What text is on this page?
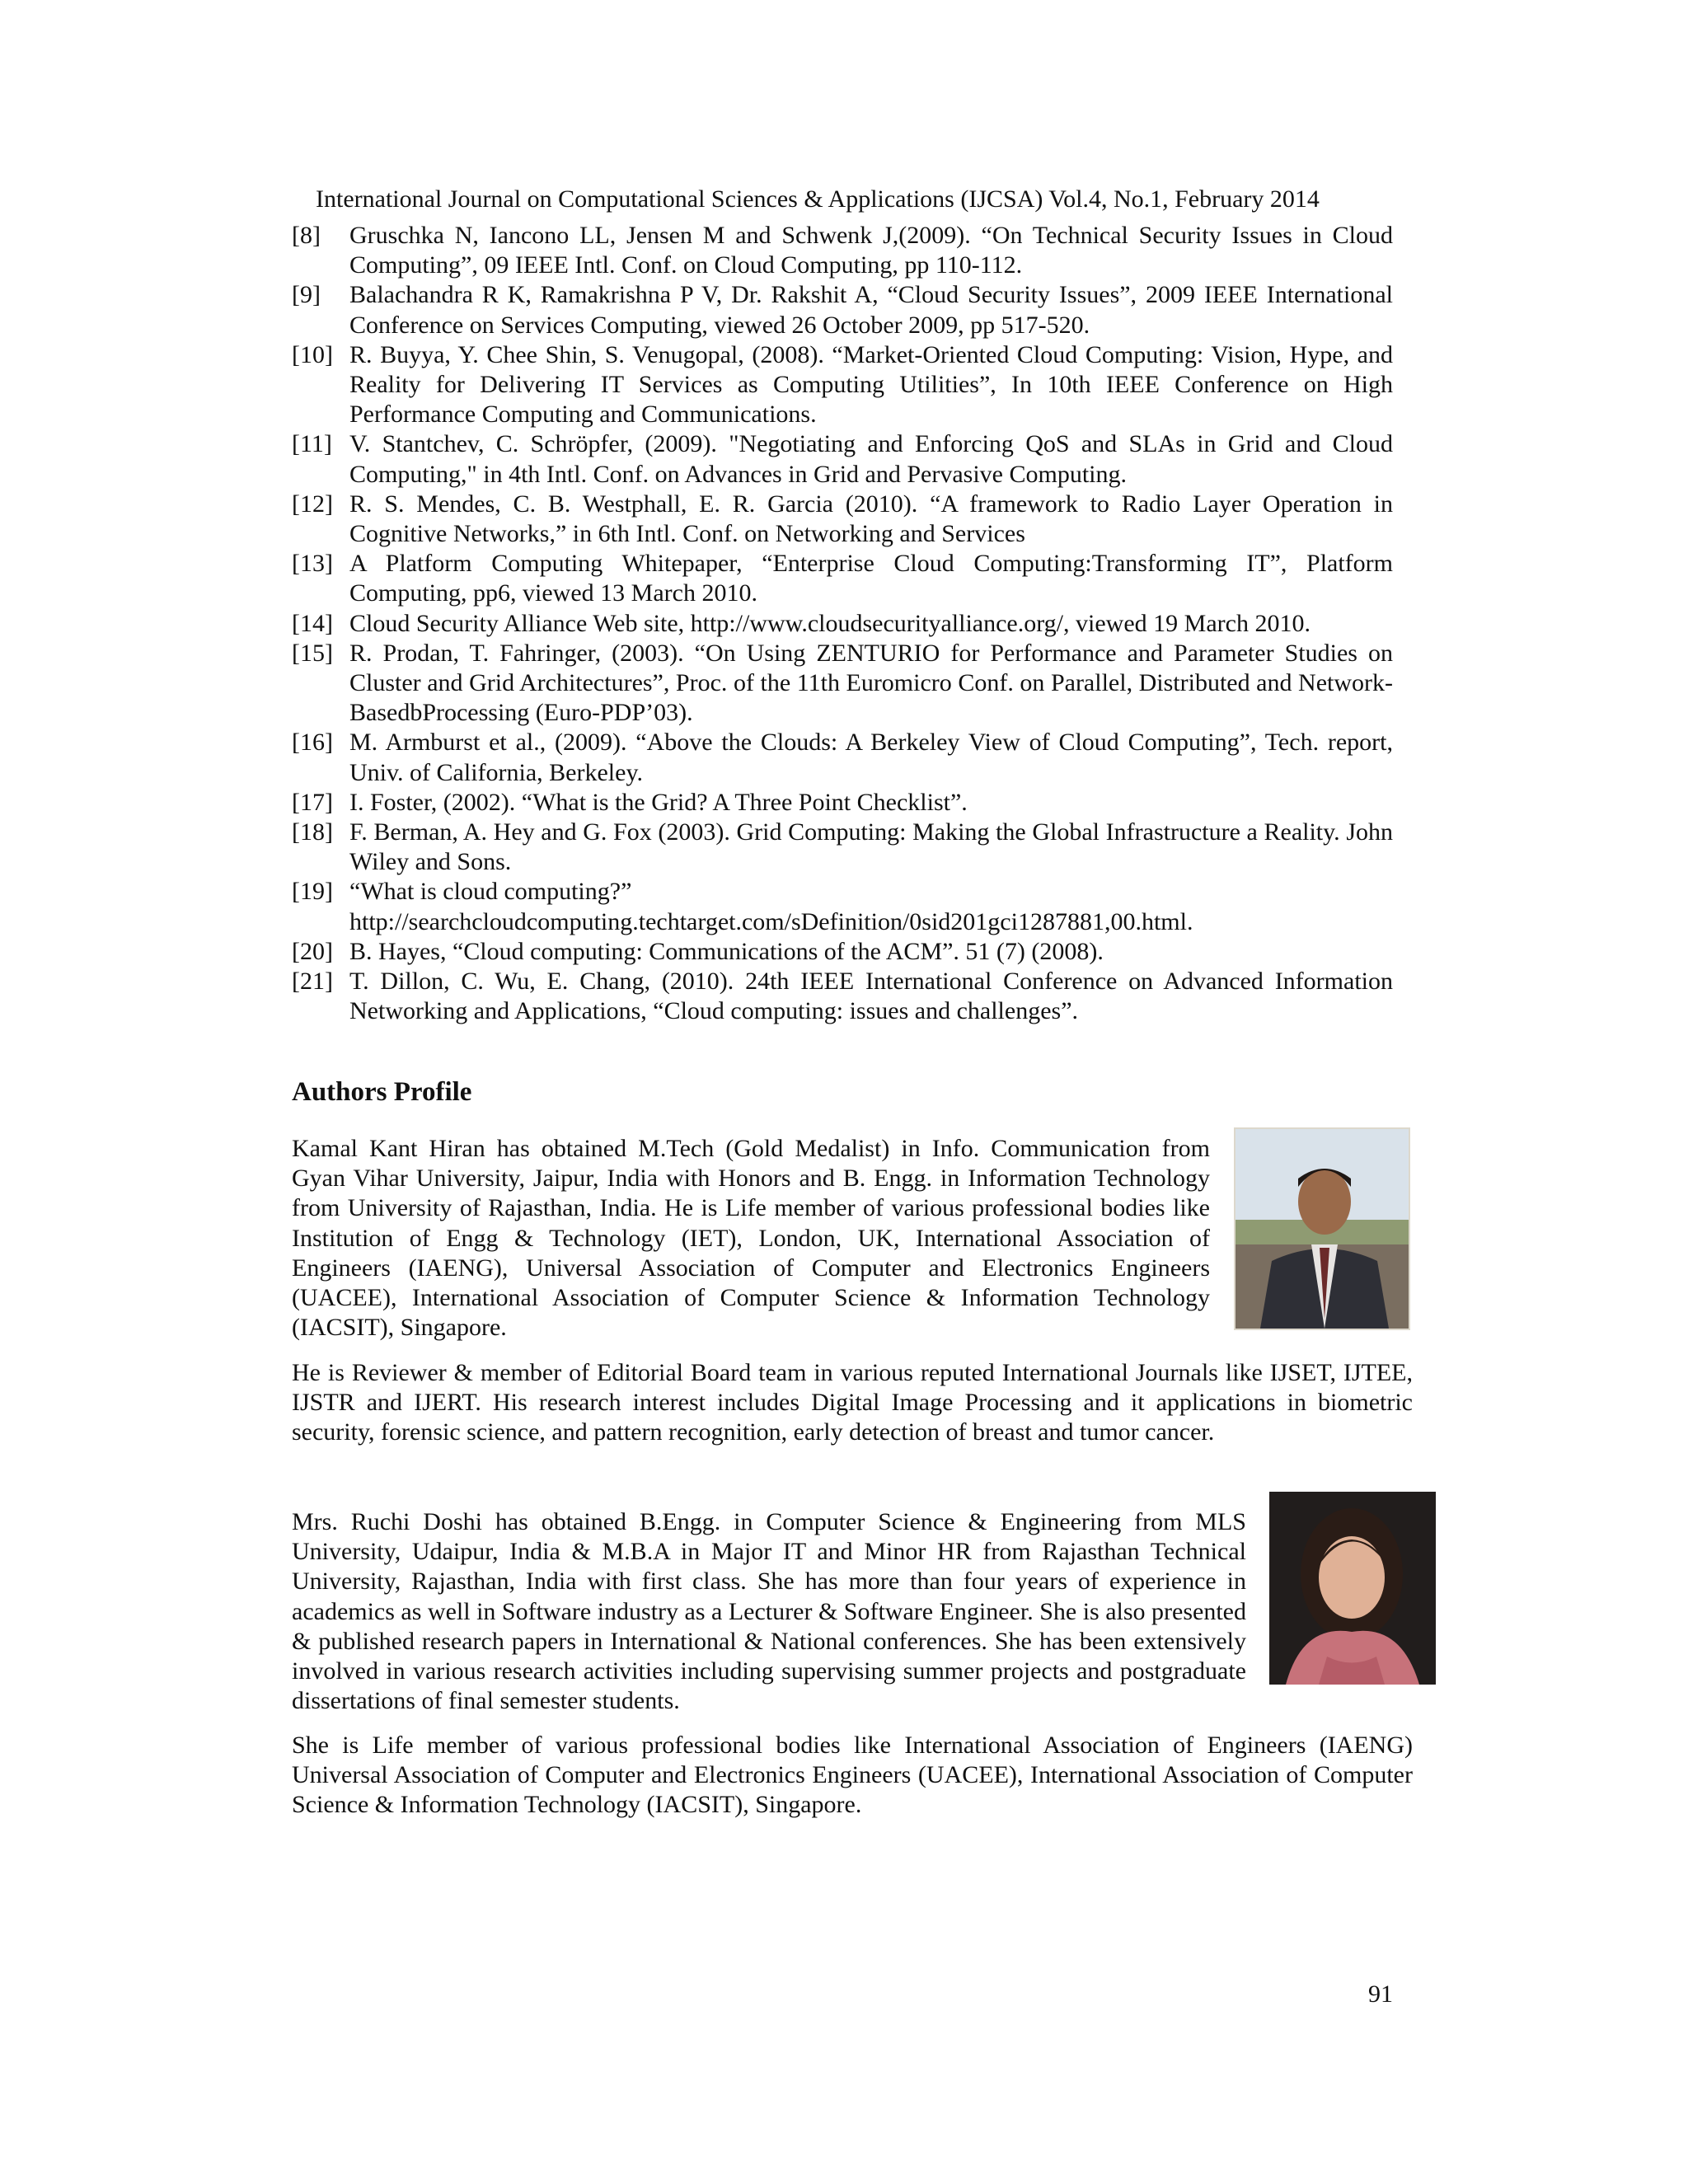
International Journal on Computational Sciences & Applications (IJCSA) Vol.4, No.1, February 2014
[8]	Gruschka N, Iancono LL, Jensen M and Schwenk J,(2009). “On Technical Security Issues in Cloud Computing”, 09 IEEE Intl. Conf. on Cloud Computing, pp 110-112.
[9]	Balachandra R K, Ramakrishna P V, Dr. Rakshit A, “Cloud Security Issues”, 2009 IEEE International Conference on Services Computing, viewed 26 October 2009, pp 517-520.
[10] R. Buyya, Y. Chee Shin, S. Venugopal, (2008). “Market-Oriented Cloud Computing: Vision, Hype, and Reality for Delivering IT Services as Computing Utilities”, In 10th IEEE Conference on High Performance Computing and Communications.
[11] V. Stantchev, C. Schröpfer, (2009). "Negotiating and Enforcing QoS and SLAs in Grid and Cloud Computing," in 4th Intl. Conf. on Advances in Grid and Pervasive Computing.
[12] R. S. Mendes, C. B. Westphall, E. R. Garcia (2010). “A framework to Radio Layer Operation in Cognitive Networks,” in 6th Intl. Conf. on Networking and Services
[13] A Platform Computing Whitepaper, “Enterprise Cloud Computing:Transforming IT”, Platform Computing, pp6, viewed 13 March 2010.
[14] Cloud Security Alliance Web site, http://www.cloudsecurityalliance.org/, viewed 19 March 2010.
[15] R. Prodan, T. Fahringer, (2003). “On Using ZENTURIO for Performance and Parameter Studies on Cluster and Grid Architectures”, Proc. of the 11th Euromicro Conf. on Parallel, Distributed and Network-BasedbProcessing (Euro-PDP’03).
[16] M. Armburst et al., (2009). “Above the Clouds: A Berkeley View of Cloud Computing”, Tech. report, Univ. of California, Berkeley.
[17] I. Foster, (2002). “What is the Grid? A Three Point Checklist”.
[18] F. Berman, A. Hey and G. Fox (2003). Grid Computing: Making the Global Infrastructure a Reality. John Wiley and Sons.
[19] “What is cloud computing?” http://searchcloudcomputing.techtarget.com/sDefinition/0sid201gci1287881,00.html.
[20] B. Hayes, “Cloud computing: Communications of the ACM”. 51 (7) (2008).
[21] T. Dillon, C. Wu, E. Chang, (2010). 24th IEEE International Conference on Advanced Information Networking and Applications, “Cloud computing: issues and challenges”.
Authors Profile
Kamal Kant Hiran has obtained M.Tech (Gold Medalist) in Info. Communication from Gyan Vihar University, Jaipur, India with Honors and B. Engg. in Information Technology from University of Rajasthan, India. He is Life member of various professional bodies like Institution of Engg & Technology (IET), London, UK, International Association of Engineers (IAENG), Universal Association of Computer and Electronics Engineers (UACEE), International Association of Computer Science & Information Technology (IACSIT), Singapore.
He is Reviewer & member of Editorial Board team in various reputed International Journals like IJSET, IJTEE, IJSTR and IJERT. His research interest includes Digital Image Processing and it applications in biometric security, forensic science, and pattern recognition, early detection of breast and tumor cancer.
Mrs. Ruchi Doshi has obtained B.Engg. in Computer Science & Engineering from MLS University, Udaipur, India & M.B.A in Major IT and Minor HR from Rajasthan Technical University, Rajasthan, India with first class. She has more than four years of experience in academics as well in Software industry as a Lecturer & Software Engineer. She is also presented & published research papers in International & National conferences. She has been extensively involved in various research activities including supervising summer projects and postgraduate dissertations of final semester students.
She is Life member of various professional bodies like International Association of Engineers (IAENG) Universal Association of Computer and Electronics Engineers (UACEE), International Association of Computer Science & Information Technology (IACSIT), Singapore.
91
